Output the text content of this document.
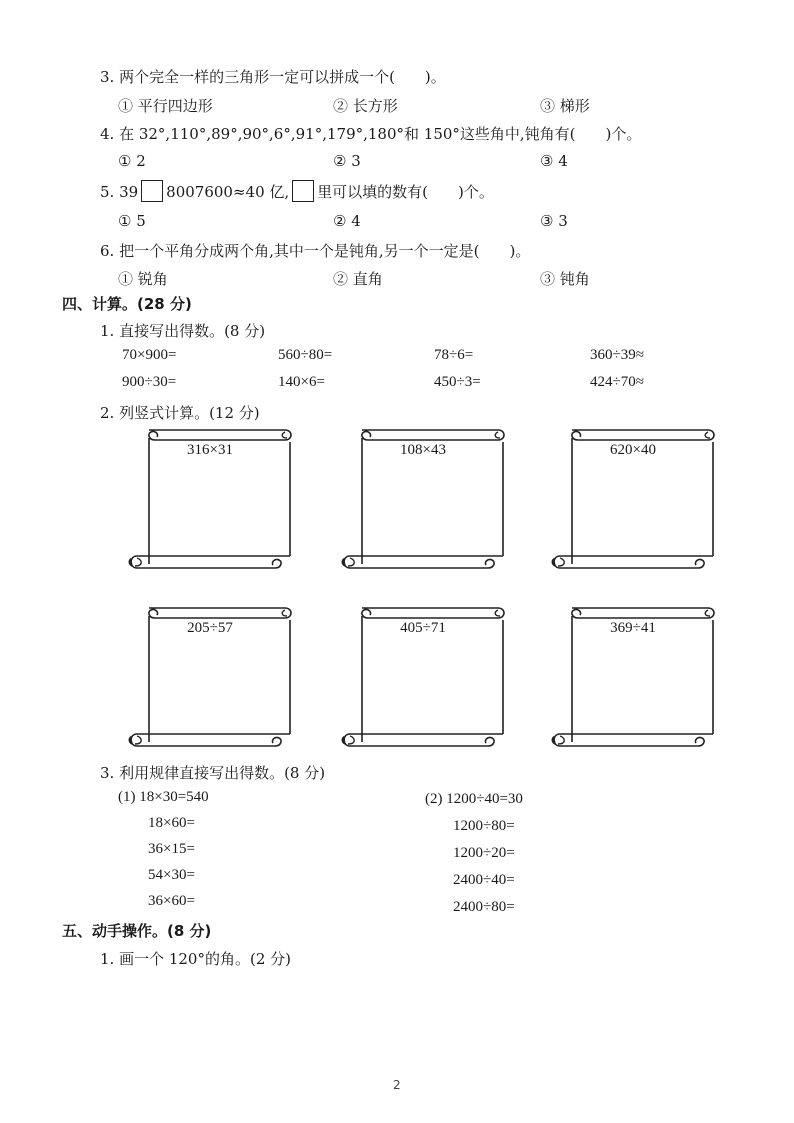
3. 两个完全一样的三角形一定可以拼成一个(　　)。
① 平行四边形	② 长方形	③ 梯形
4. 在 32°,110°,89°,90°,6°,91°,179°,180°和 150°这些角中,钝角有(　　)个。
① 2	② 3	③ 4
5. 39 8007600≈40 亿, 里可以填的数有(　　)个。
① 5	② 4	③ 3
6. 把一个平角分成两个角,其中一个是钝角,另一个一定是(　　)。
① 锐角	② 直角	③ 钝角
四、计算。(28 分)
1. 直接写出得数。(8 分)
70×900=	560÷80=	78÷6=	360÷39≈
900÷30=	140×6=	450÷3=	424÷70≈
2. 列竖式计算。(12 分)
316×31	108×43	620×40
205÷57	405÷71	369÷41
3. 利用规律直接写出得数。(8 分)
(1) 18×30=540
18×60=
36×15=
54×30=
36×60=
(2) 1200÷40=30
1200÷80=
1200÷20=
2400÷40=
2400÷80=
五、动手操作。(8 分)
1. 画一个 120°的角。(2 分)
2
